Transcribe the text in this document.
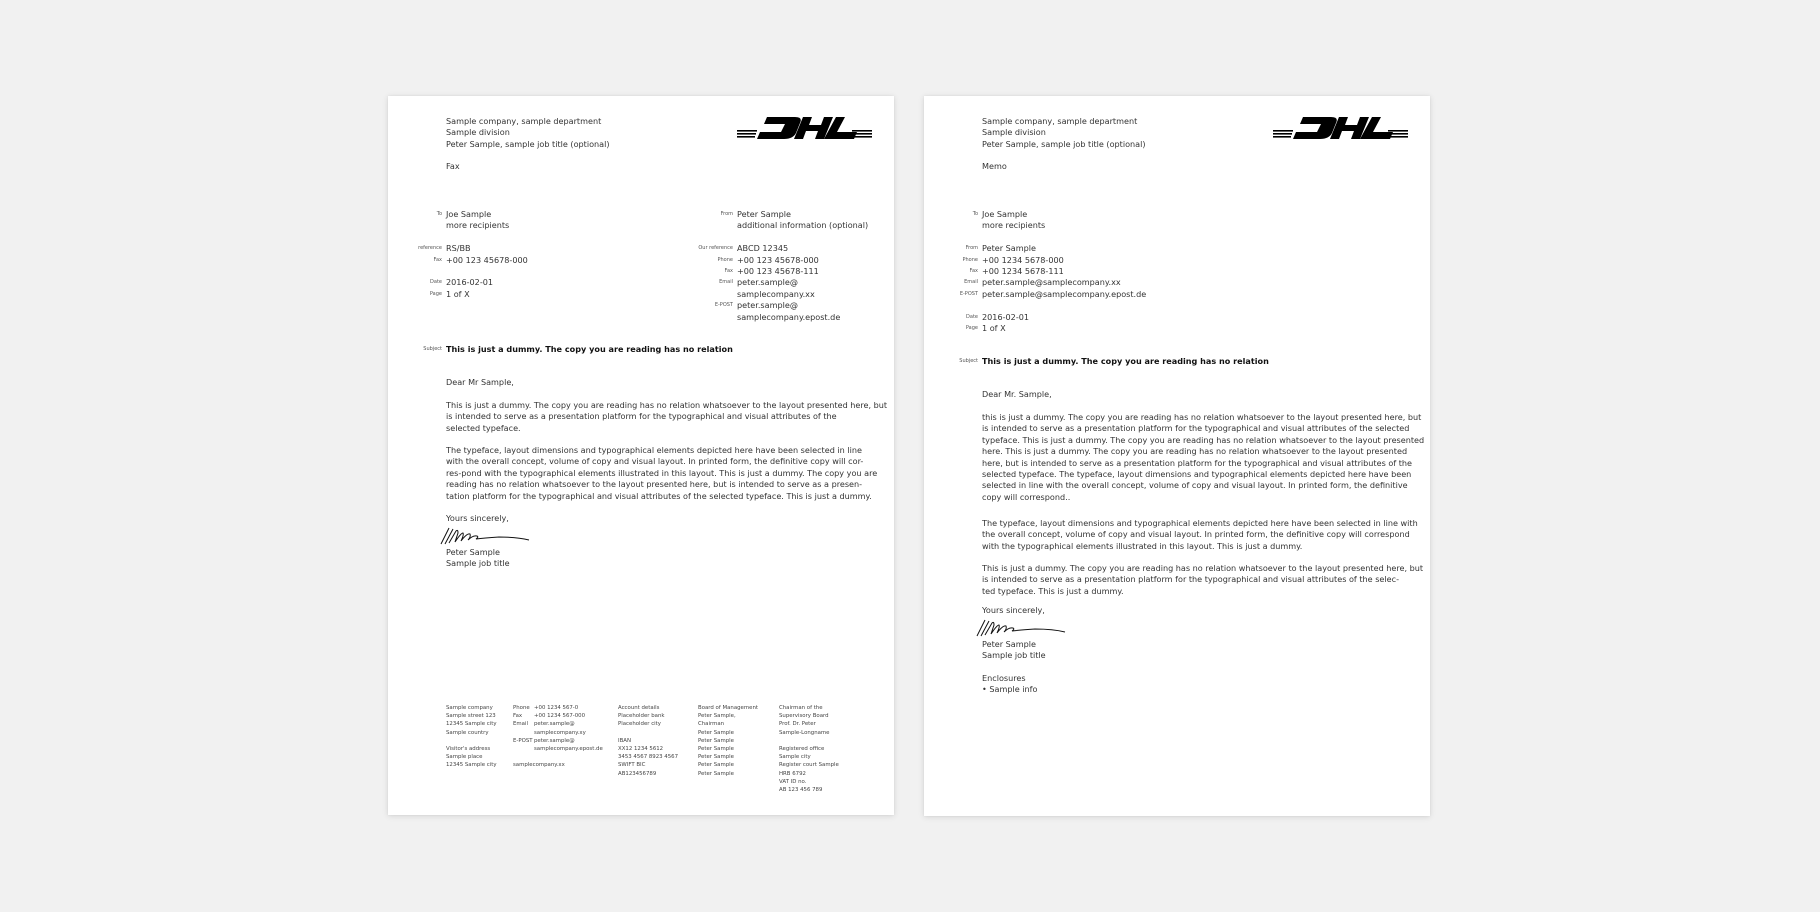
Sample company, sample department
Sample division
Peter Sample, sample job title (optional)
Fax
To Joe Sample
more recipients
reference RS/BB
Fax +00 123 45678-000
Date 2016-02-01
Page 1 of X
From Peter Sample
additional information (optional)
Our reference ABCD 12345
Phone +00 123 45678-000
Fax +00 123 45678-111
Email peter.sample@
samplecompany.xx
E-POST peter.sample@
samplecompany.epost.de
Subject This is just a dummy. The copy you are reading has no relation
Dear Mr Sample,
This is just a dummy. The copy you are reading has no relation whatsoever to the layout presented here, but
is intended to serve as a presentation platform for the typographical and visual attributes of the
selected typeface.
The typeface, layout dimensions and typographical elements depicted here have been selected in line
with the overall concept, volume of copy and visual layout. In printed form, the definitive copy will cor-
res-pond with the typographical elements illustrated in this layout. This is just a dummy. The copy you are
reading has no relation whatsoever to the layout presented here, but is intended to serve as a presen-
tation platform for the typographical and visual attributes of the selected typeface. This is just a dummy.
Yours sincerely,
Peter Sample
Sample job title
Sample company
Sample street 123
12345 Sample city
Sample country
Visitor's address
Sample place
12345 Sample city
Phone +00 1234 567-0
Fax +00 1234 567-000
Email peter.sample@
samplecompany.xy
E-POST peter.sample@
samplecompany.epost.de
samplecompany.xx
Account details
Placeholder bank
Placeholder city
IBAN
XX12 1234 5612
3453 4567 8923 4567
SWIFT BIC
AB123456789
Board of Management
Peter Sample,
Chairman
Peter Sample
Peter Sample
Peter Sample
Peter Sample
Peter Sample
Peter Sample
Chairman of the
Supervisory Board
Prof. Dr. Peter
Sample-Longname
Registered office
Sample city
Register court Sample
HRB 6792
VAT ID no.
AB 123 456 789
Sample company, sample department
Sample division
Peter Sample, sample job title (optional)
Memo
To Joe Sample
more recipients
From Peter Sample
Phone +00 1234 5678-000
Fax +00 1234 5678-111
Email peter.sample@samplecompany.xx
E-POST peter.sample@samplecompany.epost.de
Date 2016-02-01
Page 1 of X
Subject This is just a dummy. The copy you are reading has no relation
Dear Mr. Sample,
this is just a dummy. The copy you are reading has no relation whatsoever to the layout presented here, but
is intended to serve as a presentation platform for the typographical and visual attributes of the selected
typeface. This is just a dummy. The copy you are reading has no relation whatsoever to the layout presented
here. This is just a dummy. The copy you are reading has no relation whatsoever to the layout presented
here, but is intended to serve as a presentation platform for the typographical and visual attributes of the
selected typeface. The typeface, layout dimensions and typographical elements depicted here have been
selected in line with the overall concept, volume of copy and visual layout. In printed form, the definitive
copy will correspond..
The typeface, layout dimensions and typographical elements depicted here have been selected in line with
the overall concept, volume of copy and visual layout. In printed form, the definitive copy will correspond
with the typographical elements illustrated in this layout. This is just a dummy.
This is just a dummy. The copy you are reading has no relation whatsoever to the layout presented here, but
is intended to serve as a presentation platform for the typographical and visual attributes of the selec-
ted typeface. This is just a dummy.
Yours sincerely,
Peter Sample
Sample job title
Enclosures
• Sample info
